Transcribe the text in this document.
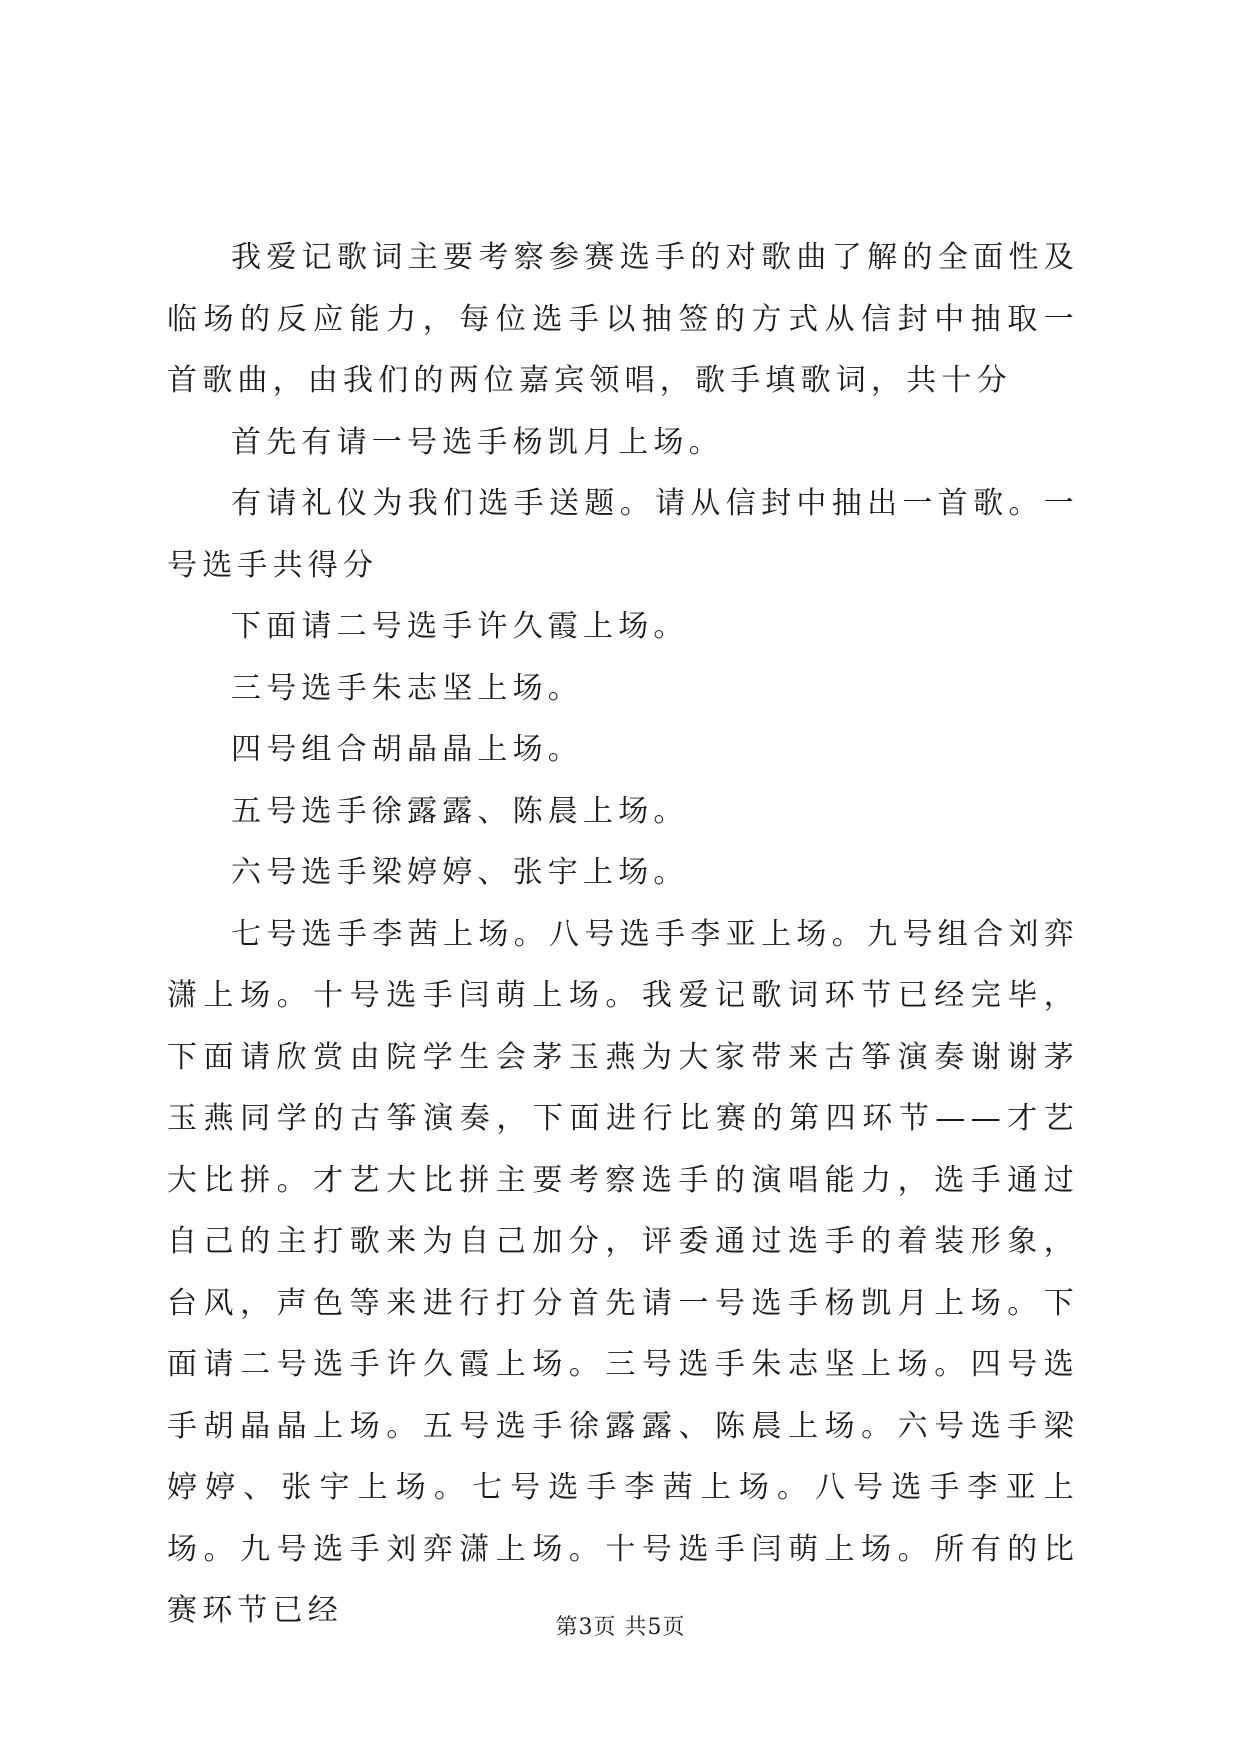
我爱记歌词主要考察参赛选手的对歌曲了解的全面性及临场的反应能力，每位选手以抽签的方式从信封中抽取一首歌曲，由我们的两位嘉宾领唱，歌手填歌词，共十分

首先有请一号选手杨凯月上场。

有请礼仪为我们选手送题。请从信封中抽出一首歌。一号选手共得分

下面请二号选手许久霞上场。

三号选手朱志坚上场。

四号组合胡晶晶上场。

五号选手徐露露、陈晨上场。

六号选手梁婷婷、张宇上场。

七号选手李茜上场。八号选手李亚上场。九号组合刘弈潇上场。十号选手闫萌上场。我爱记歌词环节已经完毕，下面请欣赏由院学生会茅玉燕为大家带来古筝演奏谢谢茅玉燕同学的古筝演奏，下面进行比赛的第四环节——才艺大比拼。才艺大比拼主要考察选手的演唱能力，选手通过自己的主打歌来为自己加分，评委通过选手的着装形象，台风，声色等来进行打分首先请一号选手杨凯月上场。下面请二号选手许久霞上场。三号选手朱志坚上场。四号选手胡晶晶上场。五号选手徐露露、陈晨上场。六号选手梁婷婷、张宇上场。七号选手李茜上场。八号选手李亚上场。九号选手刘弈潇上场。十号选手闫萌上场。所有的比赛环节已经	第3页 共5页
